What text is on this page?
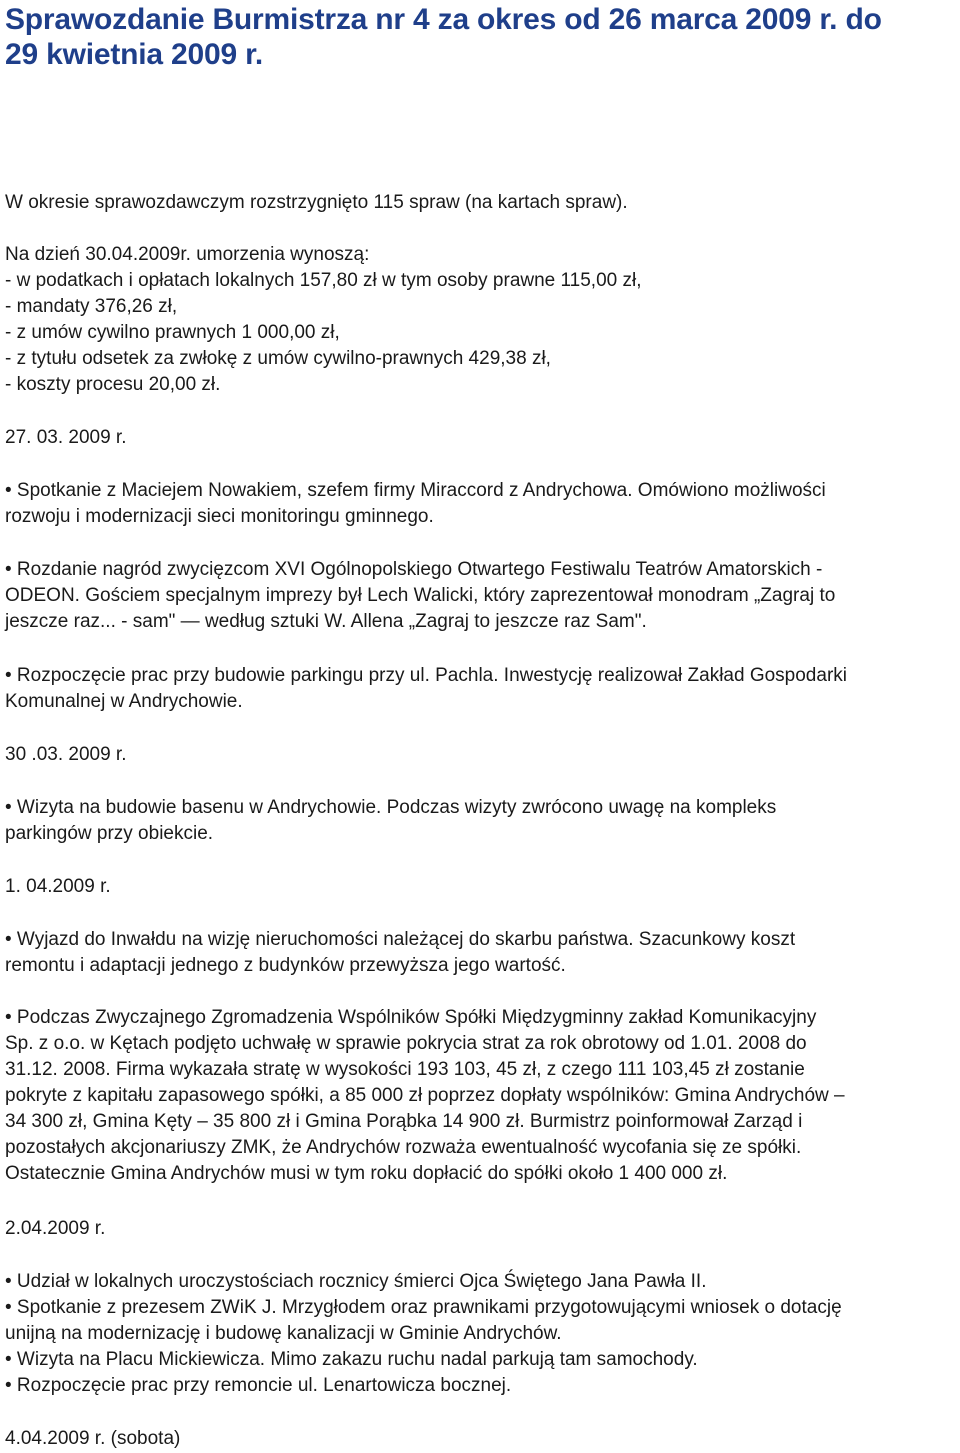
Sprawozdanie Burmistrza nr 4 za okres od 26 marca 2009 r. do
29 kwietnia 2009 r.

W okresie sprawozdawczym rozstrzygnięto 115 spraw (na kartach spraw).

Na dzień 30.04.2009r. umorzenia wynoszą:
- w podatkach i opłatach lokalnych 157,80 zł w tym osoby prawne 115,00 zł,
- mandaty 376,26 zł,
- z umów cywilno prawnych 1 000,00 zł,
- z tytułu odsetek za zwłokę z umów cywilno-prawnych 429,38 zł,
- koszty procesu 20,00 zł.

27. 03. 2009 r.

• Spotkanie z Maciejem Nowakiem, szefem firmy Miraccord z Andrychowa. Omówiono możliwości
rozwoju i modernizacji sieci monitoringu gminnego.

• Rozdanie nagród zwycięzcom XVI Ogólnopolskiego Otwartego Festiwalu Teatrów Amatorskich -
ODEON. Gościem specjalnym imprezy był Lech Walicki, który zaprezentował monodram „Zagraj to
jeszcze raz... - sam" — według sztuki W. Allena „Zagraj to jeszcze raz Sam".

• Rozpoczęcie prac przy budowie parkingu przy ul. Pachla. Inwestycję realizował Zakład Gospodarki
Komunalnej w Andrychowie.

30 .03. 2009 r.

• Wizyta na budowie basenu w Andrychowie. Podczas wizyty zwrócono uwagę na kompleks
parkingów przy obiekcie.

1. 04.2009 r.

• Wyjazd do Inwałdu na wizję nieruchomości należącej do skarbu państwa. Szacunkowy koszt
remontu i adaptacji jednego z budynków przewyższa jego wartość.

• Podczas Zwyczajnego Zgromadzenia Wspólników Spółki Międzygminny zakład Komunikacyjny
Sp. z o.o. w Kętach podjęto uchwałę w sprawie pokrycia strat za rok obrotowy od 1.01. 2008 do
31.12. 2008. Firma wykazała stratę w wysokości 193 103, 45 zł, z czego 111 103,45 zł zostanie
pokryte z kapitału zapasowego spółki, a 85 000 zł poprzez dopłaty wspólników: Gmina Andrychów –
34 300 zł, Gmina Kęty – 35 800 zł i Gmina Porąbka 14 900 zł. Burmistrz poinformował Zarząd i
pozostałych akcjonariuszy ZMK, że Andrychów rozważa ewentualność wycofania się ze spółki.
Ostatecznie Gmina Andrychów musi w tym roku dopłacić do spółki około 1 400 000 zł.

2.04.2009 r.

• Udział w lokalnych uroczystościach rocznicy śmierci Ojca Świętego Jana Pawła II.
• Spotkanie z prezesem ZWiK J. Mrzygłodem oraz prawnikami przygotowującymi wniosek o dotację
unijną na modernizację i budowę kanalizacji w Gminie Andrychów.
• Wizyta na Placu Mickiewicza. Mimo zakazu ruchu nadal parkują tam samochody.
• Rozpoczęcie prac przy remoncie ul. Lenartowicza bocznej.

4.04.2009 r. (sobota)
